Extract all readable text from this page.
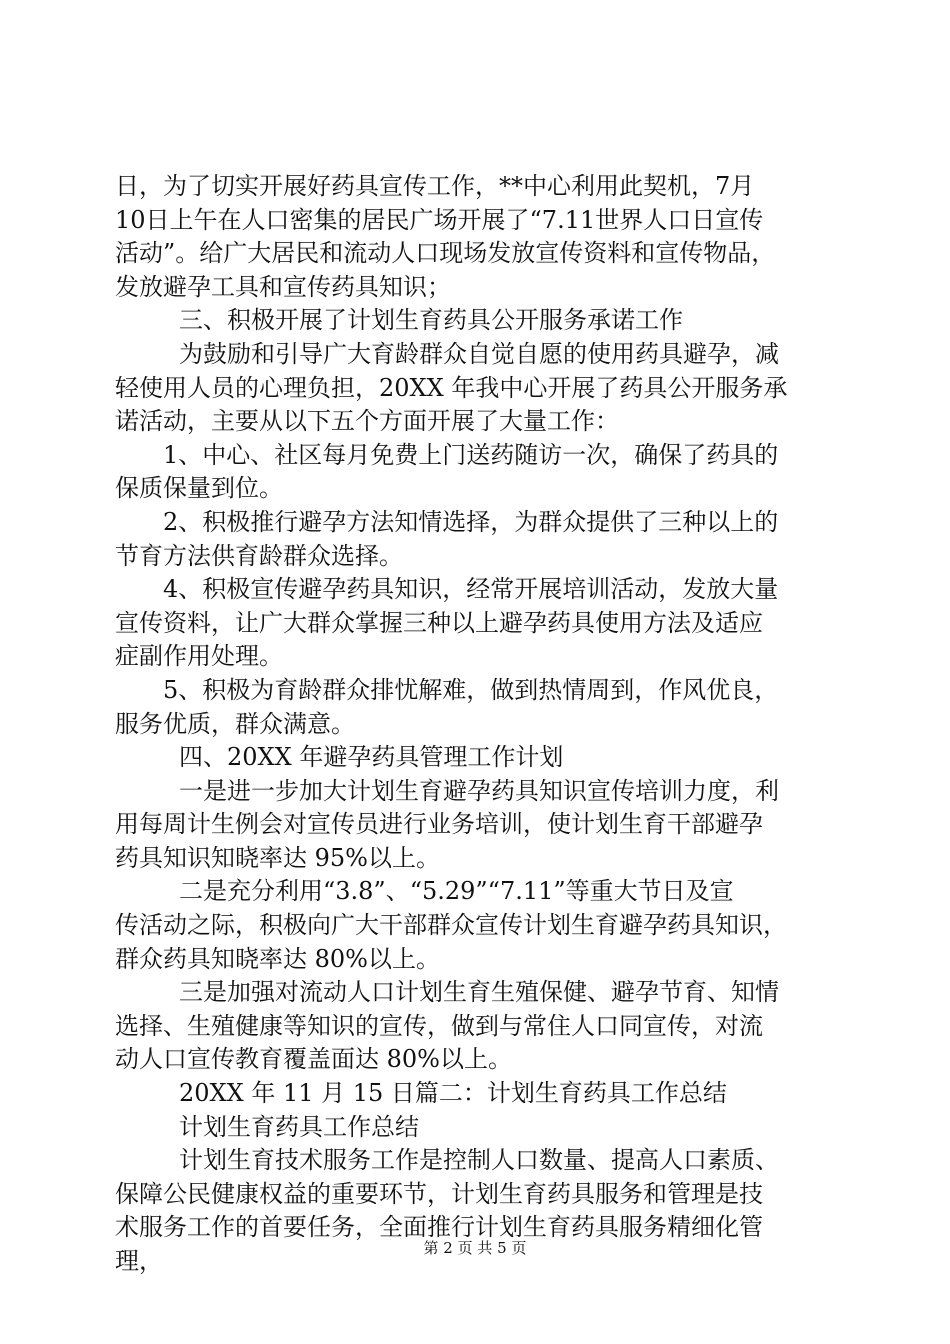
日，为了切实开展好药具宣传工作，**中心利用此契机，7月
10日上午在人口密集的居民广场开展了“7.11世界人口日宣传
活动”。给广大居民和流动人口现场发放宣传资料和宣传物品，
发放避孕工具和宣传药具知识；
三、积极开展了计划生育药具公开服务承诺工作
为鼓励和引导广大育龄群众自觉自愿的使用药具避孕，减
轻使用人员的心理负担，20XX 年我中心开展了药具公开服务承
诺活动，主要从以下五个方面开展了大量工作：
1、中心、社区每月免费上门送药随访一次，确保了药具的
保质保量到位。
2、积极推行避孕方法知情选择，为群众提供了三种以上的
节育方法供育龄群众选择。
4、积极宣传避孕药具知识，经常开展培训活动，发放大量
宣传资料，让广大群众掌握三种以上避孕药具使用方法及适应
症副作用处理。
5、积极为育龄群众排忧解难，做到热情周到，作风优良，
服务优质，群众满意。
四、20XX 年避孕药具管理工作计划
一是进一步加大计划生育避孕药具知识宣传培训力度，利
用每周计生例会对宣传员进行业务培训，使计划生育干部避孕
药具知识知晓率达 95%以上。
二是充分利用“3.8”、“5.29”“7.11”等重大节日及宣
传活动之际，积极向广大干部群众宣传计划生育避孕药具知识，
群众药具知晓率达 80%以上。
三是加强对流动人口计划生育生殖保健、避孕节育、知情
选择、生殖健康等知识的宣传，做到与常住人口同宣传，对流
动人口宣传教育覆盖面达 80%以上。
20XX 年 11 月 15 日篇二：计划生育药具工作总结
计划生育药具工作总结
计划生育技术服务工作是控制人口数量、提高人口素质、
保障公民健康权益的重要环节，计划生育药具服务和管理是技
术服务工作的首要任务，全面推行计划生育药具服务精细化管
理，	第 2 页 共 5 页
